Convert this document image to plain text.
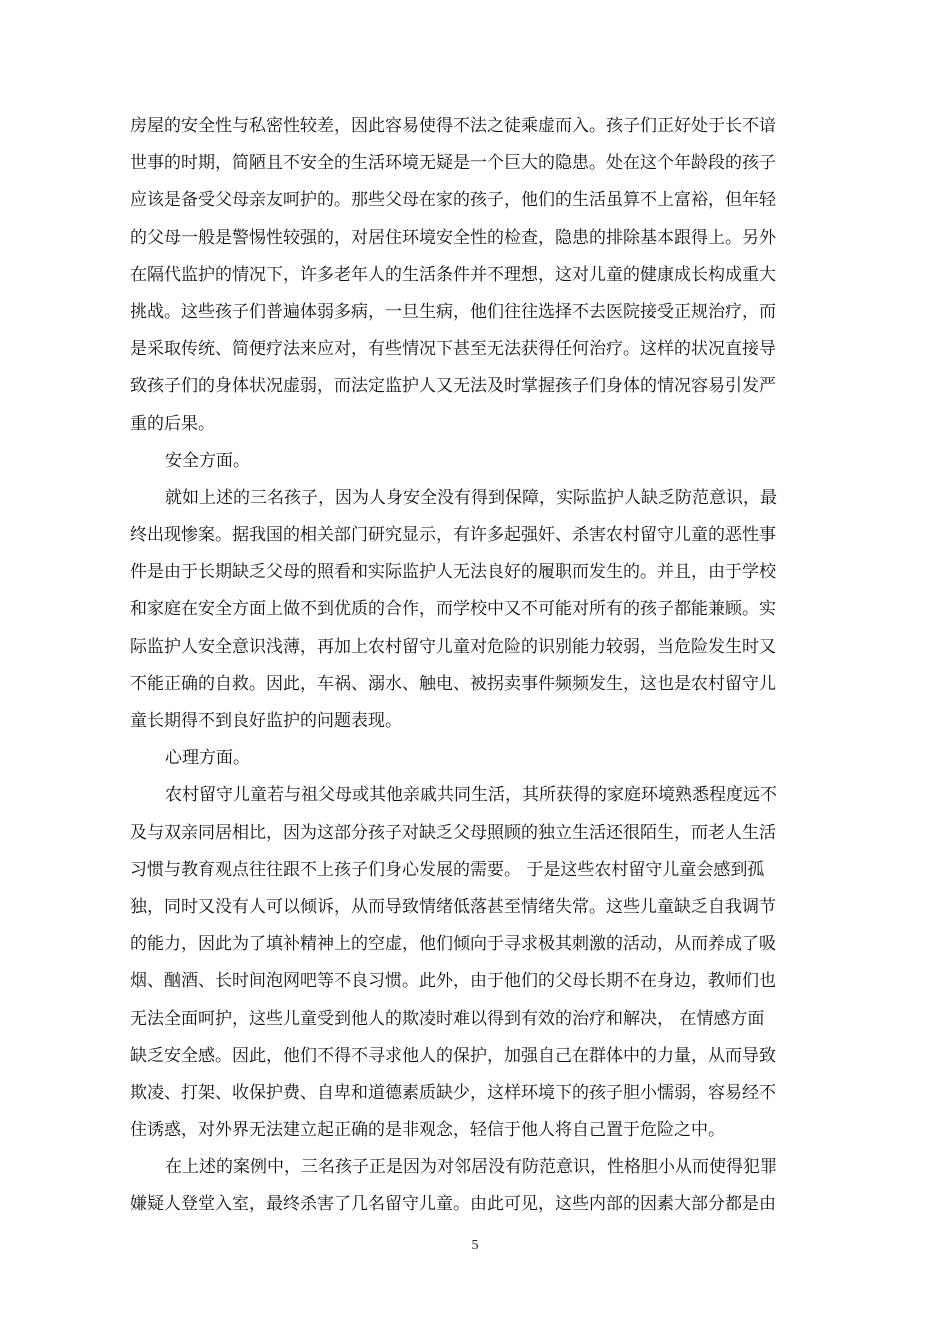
房屋的安全性与私密性较差，因此容易使得不法之徒乘虚而入。孩子们正好处于长不谙
世事的时期，简陋且不安全的生活环境无疑是一个巨大的隐患。处在这个年龄段的孩子
应该是备受父母亲友呵护的。那些父母在家的孩子，他们的生活虽算不上富裕，但年轻
的父母一般是警惕性较强的，对居住环境安全性的检查，隐患的排除基本跟得上。另外
在隔代监护的情况下，许多老年人的生活条件并不理想，这对儿童的健康成长构成重大
挑战。这些孩子们普遍体弱多病，一旦生病，他们往往选择不去医院接受正规治疗，而
是采取传统、简便疗法来应对，有些情况下甚至无法获得任何治疗。这样的状况直接导
致孩子们的身体状况虚弱，而法定监护人又无法及时掌握孩子们身体的情况容易引发严
重的后果。
安全方面。
就如上述的三名孩子，因为人身安全没有得到保障，实际监护人缺乏防范意识，最
终出现惨案。据我国的相关部门研究显示，有许多起强奸、杀害农村留守儿童的恶性事
件是由于长期缺乏父母的照看和实际监护人无法良好的履职而发生的。并且，由于学校
和家庭在安全方面上做不到优质的合作，而学校中又不可能对所有的孩子都能兼顾。实
际监护人安全意识浅薄，再加上农村留守儿童对危险的识别能力较弱，当危险发生时又
不能正确的自救。因此，车祸、溺水、触电、被拐卖事件频频发生，这也是农村留守儿
童长期得不到良好监护的问题表现。
心理方面。
农村留守儿童若与祖父母或其他亲戚共同生活，其所获得的家庭环境熟悉程度远不
及与双亲同居相比，因为这部分孩子对缺乏父母照顾的独立生活还很陌生，而老人生活
习惯与教育观点往往跟不上孩子们身心发展的需要。 于是这些农村留守儿童会感到孤
独，同时又没有人可以倾诉，从而导致情绪低落甚至情绪失常。这些儿童缺乏自我调节
的能力，因此为了填补精神上的空虚，他们倾向于寻求极其刺激的活动，从而养成了吸
烟、酗酒、长时间泡网吧等不良习惯。此外，由于他们的父母长期不在身边，教师们也
无法全面呵护，这些儿童受到他人的欺凌时难以得到有效的治疗和解决， 在情感方面
缺乏安全感。因此，他们不得不寻求他人的保护，加强自己在群体中的力量，从而导致
欺凌、打架、收保护费、自卑和道德素质缺少，这样环境下的孩子胆小懦弱，容易经不
住诱惑，对外界无法建立起正确的是非观念，轻信于他人将自己置于危险之中。
在上述的案例中，三名孩子正是因为对邻居没有防范意识，性格胆小从而使得犯罪
嫌疑人登堂入室，最终杀害了几名留守儿童。由此可见，这些内部的因素大部分都是由
5
